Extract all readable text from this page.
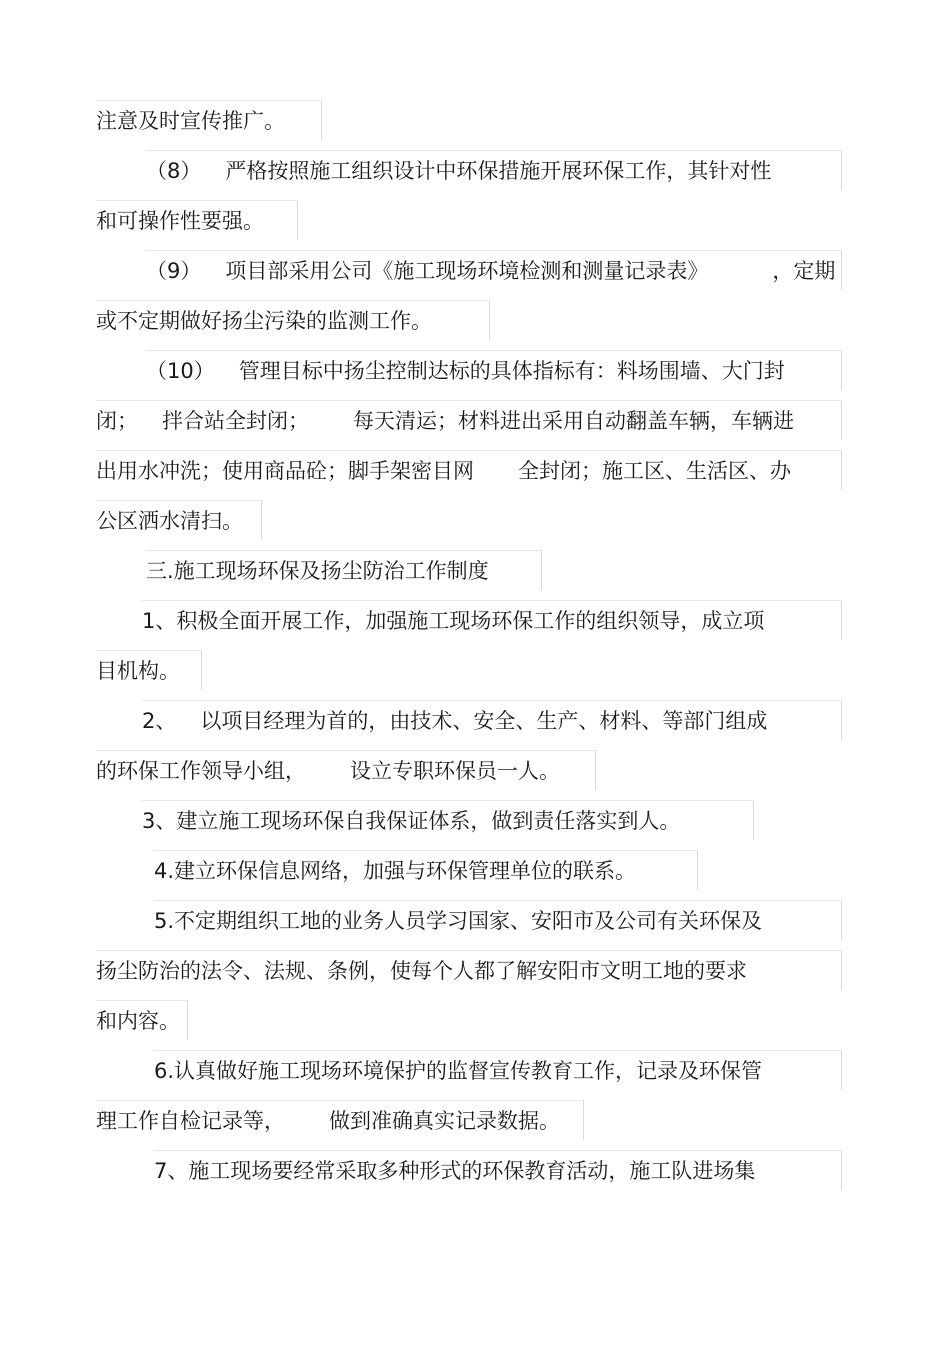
注意及时宣传推广。
（8） 严格按照施工组织设计中环保措施开展环保工作，其针对性
和可操作性要强。
（9） 项目部采用公司《施工现场环境检测和测量记录表》	，定期
或不定期做好扬尘污染的监测工作。
（10） 管理目标中扬尘控制达标的具体指标有：料场围墙、大门封
闭； 拌合站全封闭； 每天清运；材料进出采用自动翻盖车辆，车辆进
出用水冲洗；使用商品砼；脚手架密目网 全封闭；施工区、生活区、办
公区洒水清扫。
三.施工现场环保及扬尘防治工作制度
1、积极全面开展工作，加强施工现场环保工作的组织领导，成立项
目机构。
2、 以项目经理为首的，由技术、安全、生产、材料、等部门组成
的环保工作领导小组， 设立专职环保员一人。
3、建立施工现场环保自我保证体系，做到责任落实到人。
4.建立环保信息网络，加强与环保管理单位的联系。
5.不定期组织工地的业务人员学习国家、安阳市及公司有关环保及
扬尘防治的法令、法规、条例，使每个人都了解安阳市文明工地的要求
和内容。
6.认真做好施工现场环境保护的监督宣传教育工作，记录及环保管
理工作自检记录等， 做到准确真实记录数据。
7、施工现场要经常采取多种形式的环保教育活动，施工队进场集
